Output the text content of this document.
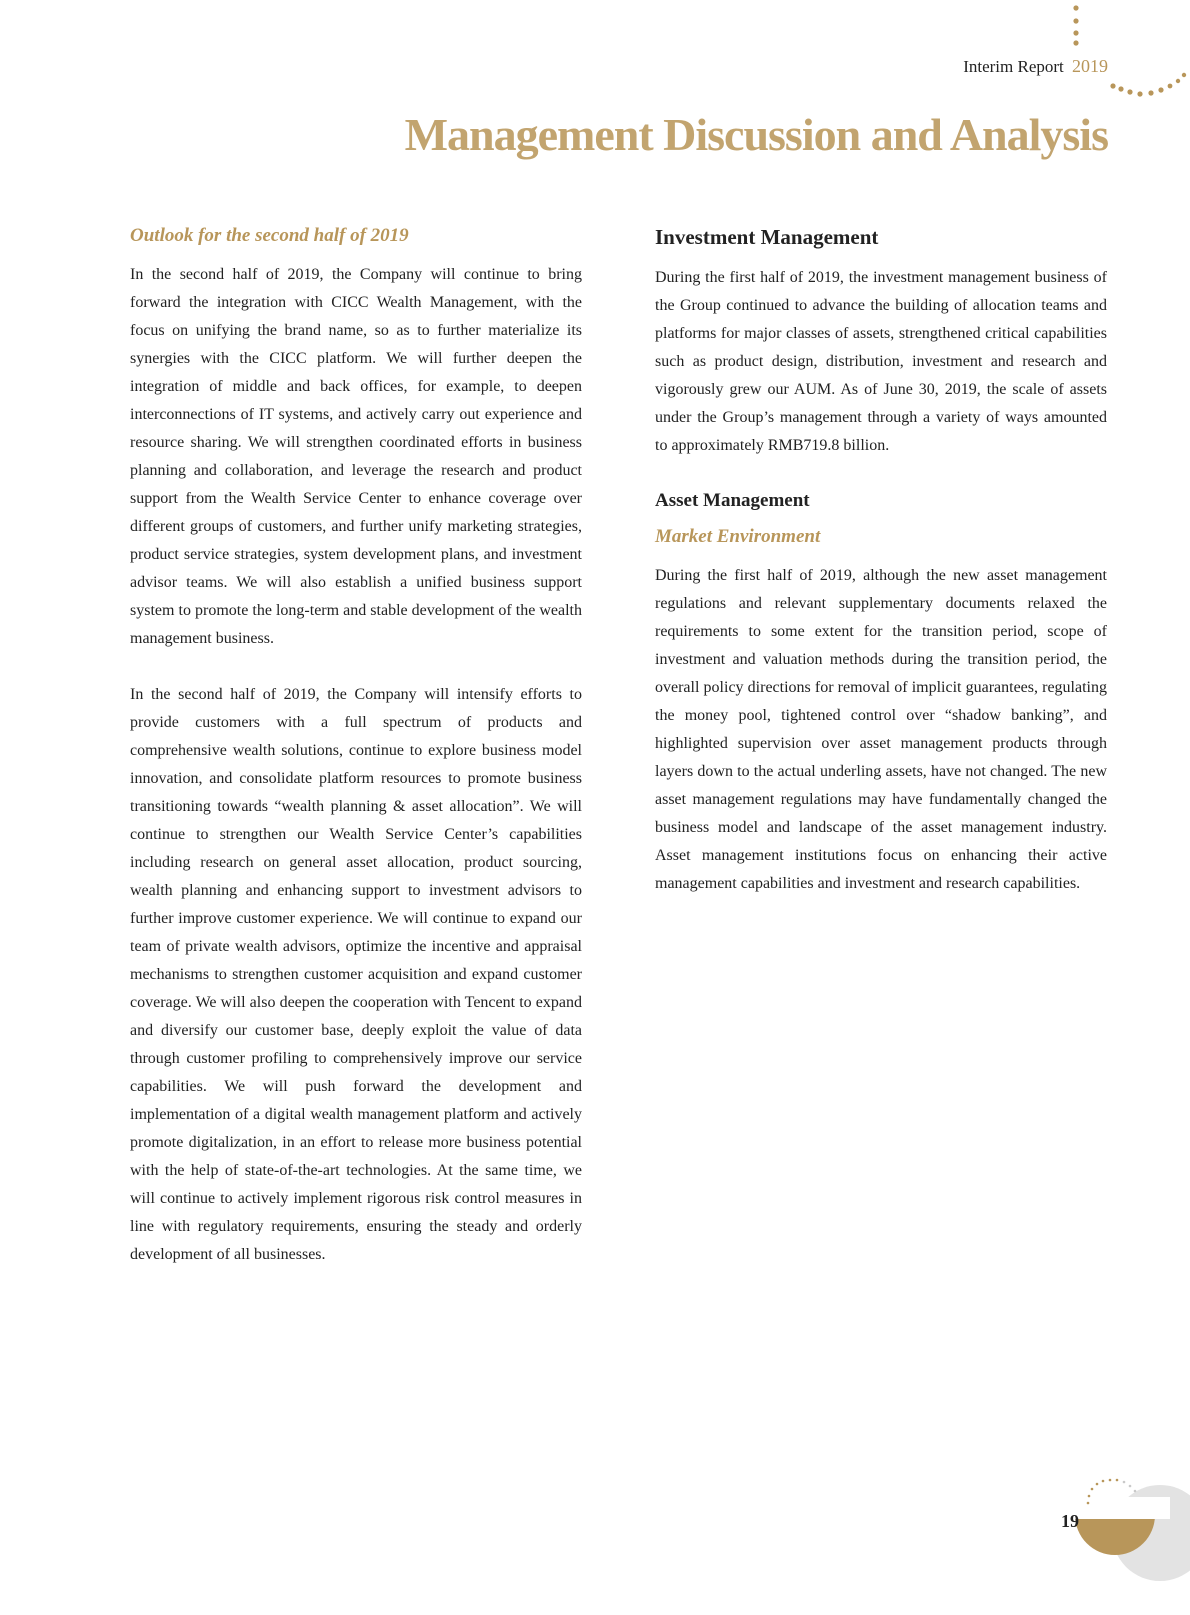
Interim Report 2019
Management Discussion and Analysis
Outlook for the second half of 2019

In the second half of 2019, the Company will continue to bring forward the integration with CICC Wealth Management, with the focus on unifying the brand name, so as to further materialize its synergies with the CICC platform. We will further deepen the integration of middle and back offices, for example, to deepen interconnections of IT systems, and actively carry out experience and resource sharing. We will strengthen coordinated efforts in business planning and collaboration, and leverage the research and product support from the Wealth Service Center to enhance coverage over different groups of customers, and further unify marketing strategies, product service strategies, system development plans, and investment advisor teams. We will also establish a unified business support system to promote the long-term and stable development of the wealth management business.

In the second half of 2019, the Company will intensify efforts to provide customers with a full spectrum of products and comprehensive wealth solutions, continue to explore business model innovation, and consolidate platform resources to promote business transitioning towards “wealth planning & asset allocation”. We will continue to strengthen our Wealth Service Center’s capabilities including research on general asset allocation, product sourcing, wealth planning and enhancing support to investment advisors to further improve customer experience. We will continue to expand our team of private wealth advisors, optimize the incentive and appraisal mechanisms to strengthen customer acquisition and expand customer coverage. We will also deepen the cooperation with Tencent to expand and diversify our customer base, deeply exploit the value of data through customer profiling to comprehensively improve our service capabilities. We will push forward the development and implementation of a digital wealth management platform and actively promote digitalization, in an effort to release more business potential with the help of state-of-the-art technologies. At the same time, we will continue to actively implement rigorous risk control measures in line with regulatory requirements, ensuring the steady and orderly development of all businesses.

Investment Management

During the first half of 2019, the investment management business of the Group continued to advance the building of allocation teams and platforms for major classes of assets, strengthened critical capabilities such as product design, distribution, investment and research and vigorously grew our AUM. As of June 30, 2019, the scale of assets under the Group’s management through a variety of ways amounted to approximately RMB719.8 billion.

Asset Management
Market Environment

During the first half of 2019, although the new asset management regulations and relevant supplementary documents relaxed the requirements to some extent for the transition period, scope of investment and valuation methods during the transition period, the overall policy directions for removal of implicit guarantees, regulating the money pool, tightened control over “shadow banking”, and highlighted supervision over asset management products through layers down to the actual underling assets, have not changed. The new asset management regulations may have fundamentally changed the business model and landscape of the asset management industry. Asset management institutions focus on enhancing their active management capabilities and investment and research capabilities.

19
